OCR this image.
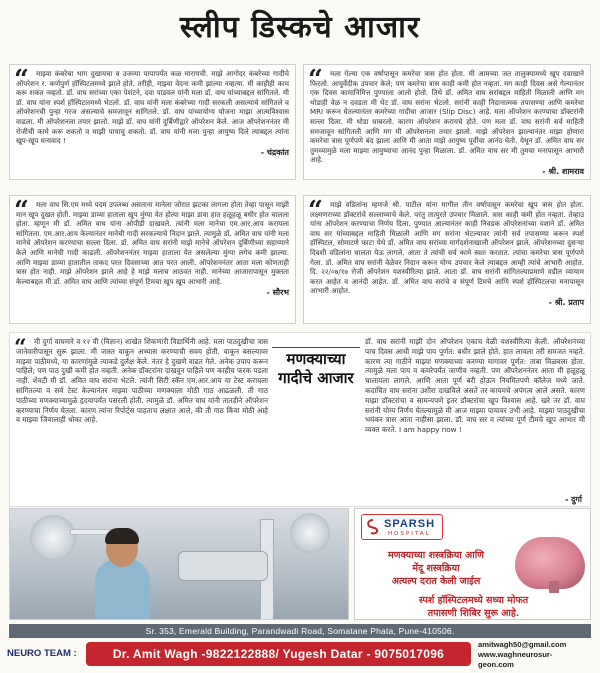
स्लीप डिस्कचे आजार
“ माझ्या कंबरेचा भाग दुखायचा व उजव्या पायापर्यंत कळ मारायची. माझे आगोदर कंबरेच्या गादीचे ऑपरेशन र. कर्णपुर्ण हॉस्पिटलमध्ये झाले होते. तरीही, माझ्या वेदना कमी झाल्या नव्हत्या. मी काहीही काम करू शकत नव्हतो. डॉ. वाघ सरांच्या एका पेशंटने, दवा पाडवल यांनी मला डॉ. वाघ यांच्याबद्दल सांगितले. मी डॉ. वाघ यांना स्पर्श हॉस्पिटलमध्ये भेटलो. डॉ. वाघ यांनी मला कंबरेच्या गादी सरकली असल्याचे सांगितले व ऑपरेशनची पुन्हा गरज असल्याचे समजावून सांगितले. डॉ. वाघ यांच्यायोग्य योजना माझा आत्मविश्वास वाढला. मी ऑपरेशनला तयार झालो. माझे डॉ. वाघ यांनी दुर्बिणीद्वारे ऑपरेशन केले. आज ऑपरेशननंतर मी रोजीची कामे करू शकतो व माझी पायाचु शकतो. डॉ. वाघ यांनी मला पुन्हा आयुष्य दिले त्याबद्दल त्यांना खूप-खूप धन्यवाद !

- चंद्रकांत

“ मला गेल्या एक वर्षापासून कमरेचा त्रास होत होता. मी आमच्या जत तालुक्यामध्ये खूप दवाखाने फिरलो. आयुर्वेदीक उपचार केले; पण कमरेचा त्रास काही कमी होत नव्हता. मग काही दिवस असे गेल्यानंतर एक दिवस कामानिमित्त पुण्याला आलो होतो. तिथे डॉ. अमित वाघ सरांबद्दल माहिती मिळाली आणि मग थोडाही वेळ न दवडता मी थेट डॉ. वाघ सरांना भेटलो. सरांनी काही निदानात्मक तपासण्या आणि कमरेचा MRI करून घेतल्यानंतर कमरेच्या गादीचा आजार (Slip Disc) आहे. मला ऑपरेशन करण्याचा डॉक्टरांनी सल्ला दिला. मी थोडा घाबरलो. कारण ऑपरेशन करायचे होते. पण मला डॉ. वाघ सरांनी सर्व माहिती समजावून सांगितली आणि मग मी ऑपरेशनला तयार झालो. माझे ऑपरेशन झाल्यानंतर माझा होणारा कमरेचा त्रास पूर्णपणे बंद झाला आणि मी आता माझे आयुष्य पूर्वीचा आनंद घेतो. येथून डॉ. अमित वाघ सर तुमच्यामुळे मला माझ्या आयुष्याचा आनंद पुन्हा मिळाला. डॉ. अमित वाघ सर मी तुमचा मनापासून आभारी आहे.

- श्री. शामराव

“ मला वाघ सि.एम मध्ये पदम उपलब्ध असताना मानेला जोरात झटका लागला होता तेव्हा पासून माझी मान खूप दुखत होती. माझ्या डाव्या हाताला खूप मुंग्या येत होत्या माझा डावा हात हळूहळू बधीर होत चालला होता. म्हणून मी डॉ. अमित वाघ यांना ओपीडी दाखवले. त्यांनी मला मानेचा एम.आर.आय करायला सांगितला. एम.आर.आय केल्यानंतर मानेची गादी सरकल्याचे निदान झाले. त्यामुळे डॉ. अमित वाघ यांनी मला मानेचे ऑपरेशन करण्याचा सल्ला दिला. डॉ. अमित वाघ सरांनी माझे मानेचे ऑपरेशन दुर्बिणीच्या सहाय्याने केले आणि मानेची गादी काढली. ऑपरेशननंतर माझ्या हाताला येत असलेल्या मुंग्या लगेच कमी झाल्या. आणि माझ्या डाव्या हातातील ताकद परत दिवसाच्या आत परत आली. ऑपरेशननंतर आता मला कोणताही त्रास होत नाही. माझे ऑपरेशन झाले आहे हे माझे मलाच आठवत नाही. मानेच्या आजारापासून मुक्तता केल्याबद्दल मी डॉ. अमित वाघ आणि त्यांच्या संपूर्ण टिमचा खूप खूप आभारी आहे.

- सौरभ

“ माझे वडिलांना म्हणजे श्री. पाटील यांना मागील तीन वर्षापासून कमरेचा खूप त्रास होत होता. लक्ष्मणराच्या डॉक्टरांचे सल्लाघ्याचे केले. परंतु तात्पुरते उपचार मिळाले. त्रास काही कमी होत नव्हता. तेव्हाउ यांना ऑपरेशन करण्याचा निर्णय दिला. पुण्यात आल्यानंतर काही निवडक ऑपरेशनांच्या यशाने डॉ. अमित वाघ सर यांच्याबद्दल माहिती मिळाली आणि मग सरांना भेटल्यावर त्यांनी सर्व तपासण्या करून स्पर्श हॉस्पिटल, सोमाटणे फाटा येथे डॉ. अमित वाघ सरांच्या मार्गदर्शनाखाली ऑपरेशन झाले. ऑपरेशनच्या दुसऱ्या दिवशी वडिलांना चालता येऊ लागले. आता ते त्यांची सर्व कामे स्वतः करतात. त्यांचा कमरेचा त्रास पूर्णपणे गेला. डॉ. अमित वाघ सरांनी वेळेवर निदान करून योग्य उपचार केले त्याबद्दल आम्ही त्यांचे आभारी आहोत. दि. २२/०७/१७ रोजी ऑपरेशन यशस्वीरित्या झाले. आता डॉ. वाघ सरांनी सांगितल्याप्रमाणे वडील व्यायाम करत आहेत व आनंदी आहेत. डॉ. अमित वाघ सरांचे व संपूर्ण टिमचे आणि स्पर्श हॉस्पिटलचा मनापासून आभारी आहोत.

- श्री. प्रताप

“	मी दुर्गा वाघमारे व १२ वी (विज्ञान) शाखेत शिकणारी विद्यार्थिनी आहे. मला पाठदुखीचा त्रास जानेवारीपासून सुरू झाला. मी जास्त वाकून अभ्यास करण्याची सवय होती. वाकून बसल्यावर माझ्या पाठीमध्ये, या कारणांमुळे त्याकडे दुर्लक्ष केले. नंतर हे दुखणे वाढत गेले. अनेक उपाय करून पाहिले; पण पाठ दुखी कमी होत नव्हती. अनेक डॉक्टरांना दाखवून पाहिले पण काहीच फरक पडला नाही. शेवटी मी डॉ. अमित वाघ सरांना भेटले. त्यांनी सिटी स्कॅन एम.आर.आय या टेस्ट करायला सांगितल्या व सर्व टेस्ट केल्यानंतर माझ्या पाठीच्या मणक्याला मोठी गाठ आढळली. ती गाठ पाठीच्या मणक्याच्यामुळे हृदयापर्यंत पसरली होती. त्यामुळे डॉ. अमित वाघ यांनी तातडीने ऑपरेशन करण्याचा निर्णय घेतला. कारण त्यांना रिपोर्ट्स पाहताच लक्षात आले, की ती गाठ किंवा मोठी आहे व माझ्या जिवालाही धोका आहे.

मणक्याच्या
गादीचे आजार

डॉ. वाघ सरांनी माझी दोन ऑपरेशन एकाच वेळी यशस्वीरित्या केली. ऑपरेशनच्या पाच दिवस आधी माझे पाय पूर्णत: बधीर झाले होते. हात लावला तरी समजत नव्हते. कारण त्या गाठीने माझ्या मणक्याच्या करण्या मागावर पूर्णत: ताबा मिळवला होता. त्यामुळे मला पाय व कमरेपर्यंत जाणीव नव्हती. पण ऑपरेशननंतर आता मी हळूहळू चालायला लागले. आणि आता पूर्ण बरी होऊन नियमितपणे कॉलेज मध्ये जाते. कदाचित वाघ सरांना उशीरा दाखविले असते तर कायमचे अपंगत्व आले असते. कारण माझा डॉक्टरांचा व सामन्यपणे इतर डॉक्टरांचा खूप विश्वास आहे. खरे तर डॉ. वाघ सरांनी योग्य निर्णय घेतल्यामुळे मी आज माझ्या पायावर उभी आहे. माझ्या पाठदुखीचा भयंकर त्रास आता नाहीसा झाला. डॉ. वाघ सर व त्यांच्या पूर्ण टीमचे खूप आभार मी व्यक्त करते. I am happy now !

- दुर्गा

SPARSH
HOSPITAL
मणक्याच्या शस्त्रक्रिया आणि
मेंदू शस्त्रक्रिया
अत्यल्प दरात केली जाईल
स्पर्श हॉस्पिटलमध्ये सध्या मोफत
तपासणी शिबिर सुरू आहे.
Sr. 353, Emerald Building, Parandwadi Road, Somatane Phata, Pune-410506.
NEURO TEAM :	Dr. Amit Wagh -9822122888/ Yugesh Datar - 9075017096
amitwagh50@gmail.com
www.waghneurosur-
geon.com
